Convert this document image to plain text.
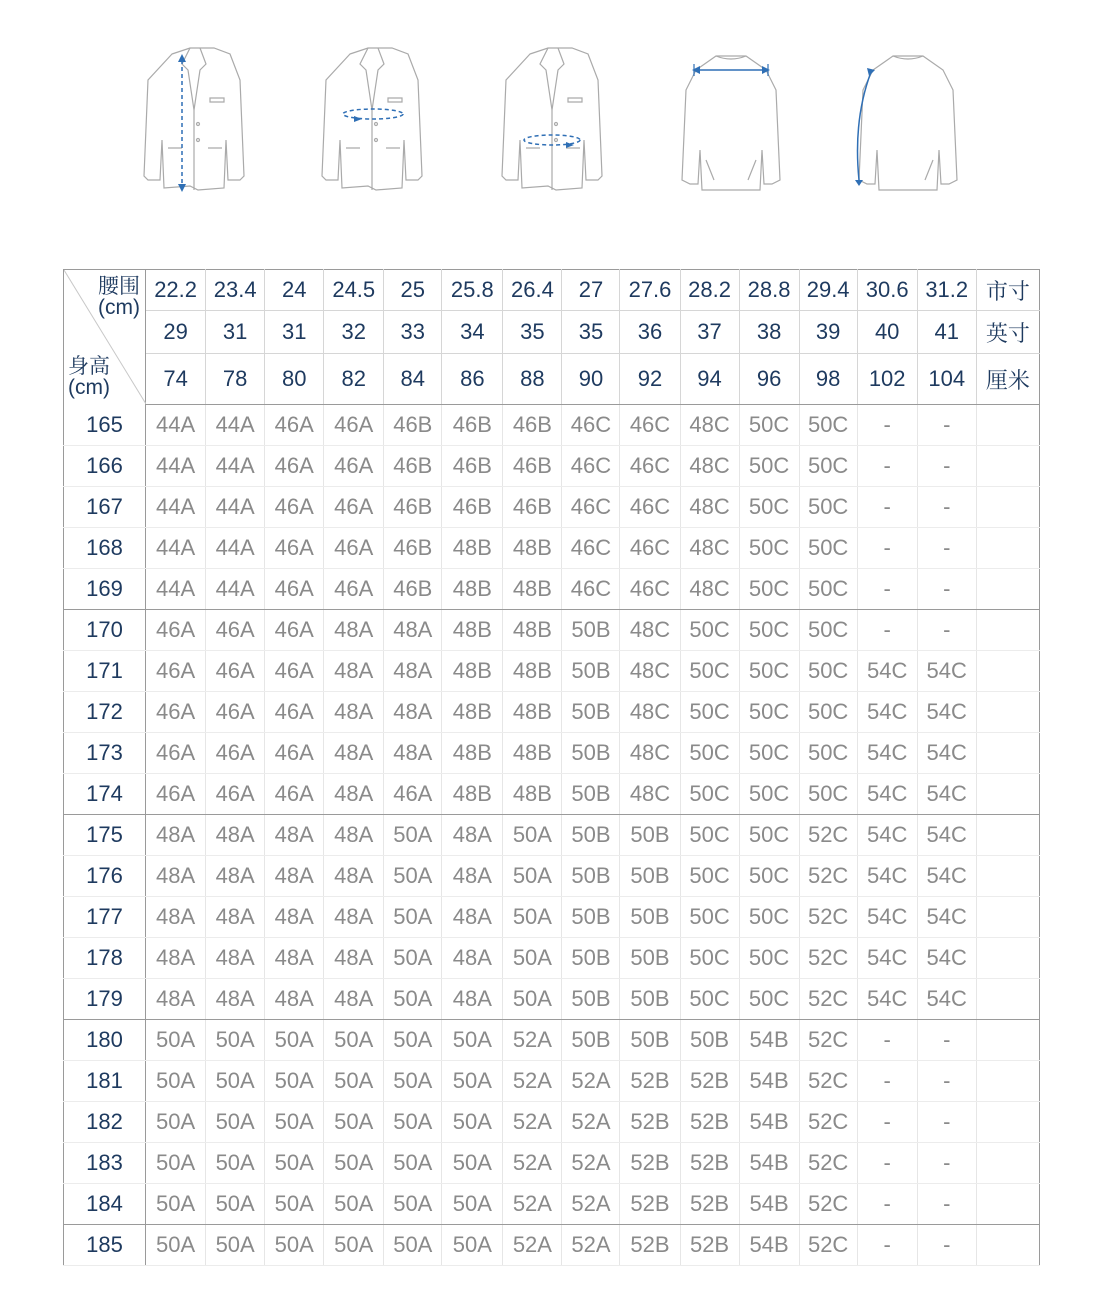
腰围
(cm)
身高
(cm)	22.2	23.4	24	24.5	25	25.8	26.4	27	27.6	28.2	28.8	29.4	30.6	31.2	市寸
	29	31	31	32	33	34	35	35	36	37	38	39	40	41	英寸
	74	78	80	82	84	86	88	90	92	94	96	98	102	104	厘米
165	44A	44A	46A	46A	46B	46B	46B	46C	46C	48C	50C	50C	-	-	
166	44A	44A	46A	46A	46B	46B	46B	46C	46C	48C	50C	50C	-	-	
167	44A	44A	46A	46A	46B	46B	46B	46C	46C	48C	50C	50C	-	-	
168	44A	44A	46A	46A	46B	48B	48B	46C	46C	48C	50C	50C	-	-	
169	44A	44A	46A	46A	46B	48B	48B	46C	46C	48C	50C	50C	-	-	
170	46A	46A	46A	48A	48A	48B	48B	50B	48C	50C	50C	50C	-	-	
171	46A	46A	46A	48A	48A	48B	48B	50B	48C	50C	50C	50C	54C	54C	
172	46A	46A	46A	48A	48A	48B	48B	50B	48C	50C	50C	50C	54C	54C	
173	46A	46A	46A	48A	48A	48B	48B	50B	48C	50C	50C	50C	54C	54C	
174	46A	46A	46A	48A	46A	48B	48B	50B	48C	50C	50C	50C	54C	54C	
175	48A	48A	48A	48A	50A	48A	50A	50B	50B	50C	50C	52C	54C	54C	
176	48A	48A	48A	48A	50A	48A	50A	50B	50B	50C	50C	52C	54C	54C	
177	48A	48A	48A	48A	50A	48A	50A	50B	50B	50C	50C	52C	54C	54C	
178	48A	48A	48A	48A	50A	48A	50A	50B	50B	50C	50C	52C	54C	54C	
179	48A	48A	48A	48A	50A	48A	50A	50B	50B	50C	50C	52C	54C	54C	
180	50A	50A	50A	50A	50A	50A	52A	50B	50B	50B	54B	52C	-	-	
181	50A	50A	50A	50A	50A	50A	52A	52A	52B	52B	54B	52C	-	-	
182	50A	50A	50A	50A	50A	50A	52A	52A	52B	52B	54B	52C	-	-	
183	50A	50A	50A	50A	50A	50A	52A	52A	52B	52B	54B	52C	-	-	
184	50A	50A	50A	50A	50A	50A	52A	52A	52B	52B	54B	52C	-	-	
185	50A	50A	50A	50A	50A	50A	52A	52A	52B	52B	54B	52C	-	-	
